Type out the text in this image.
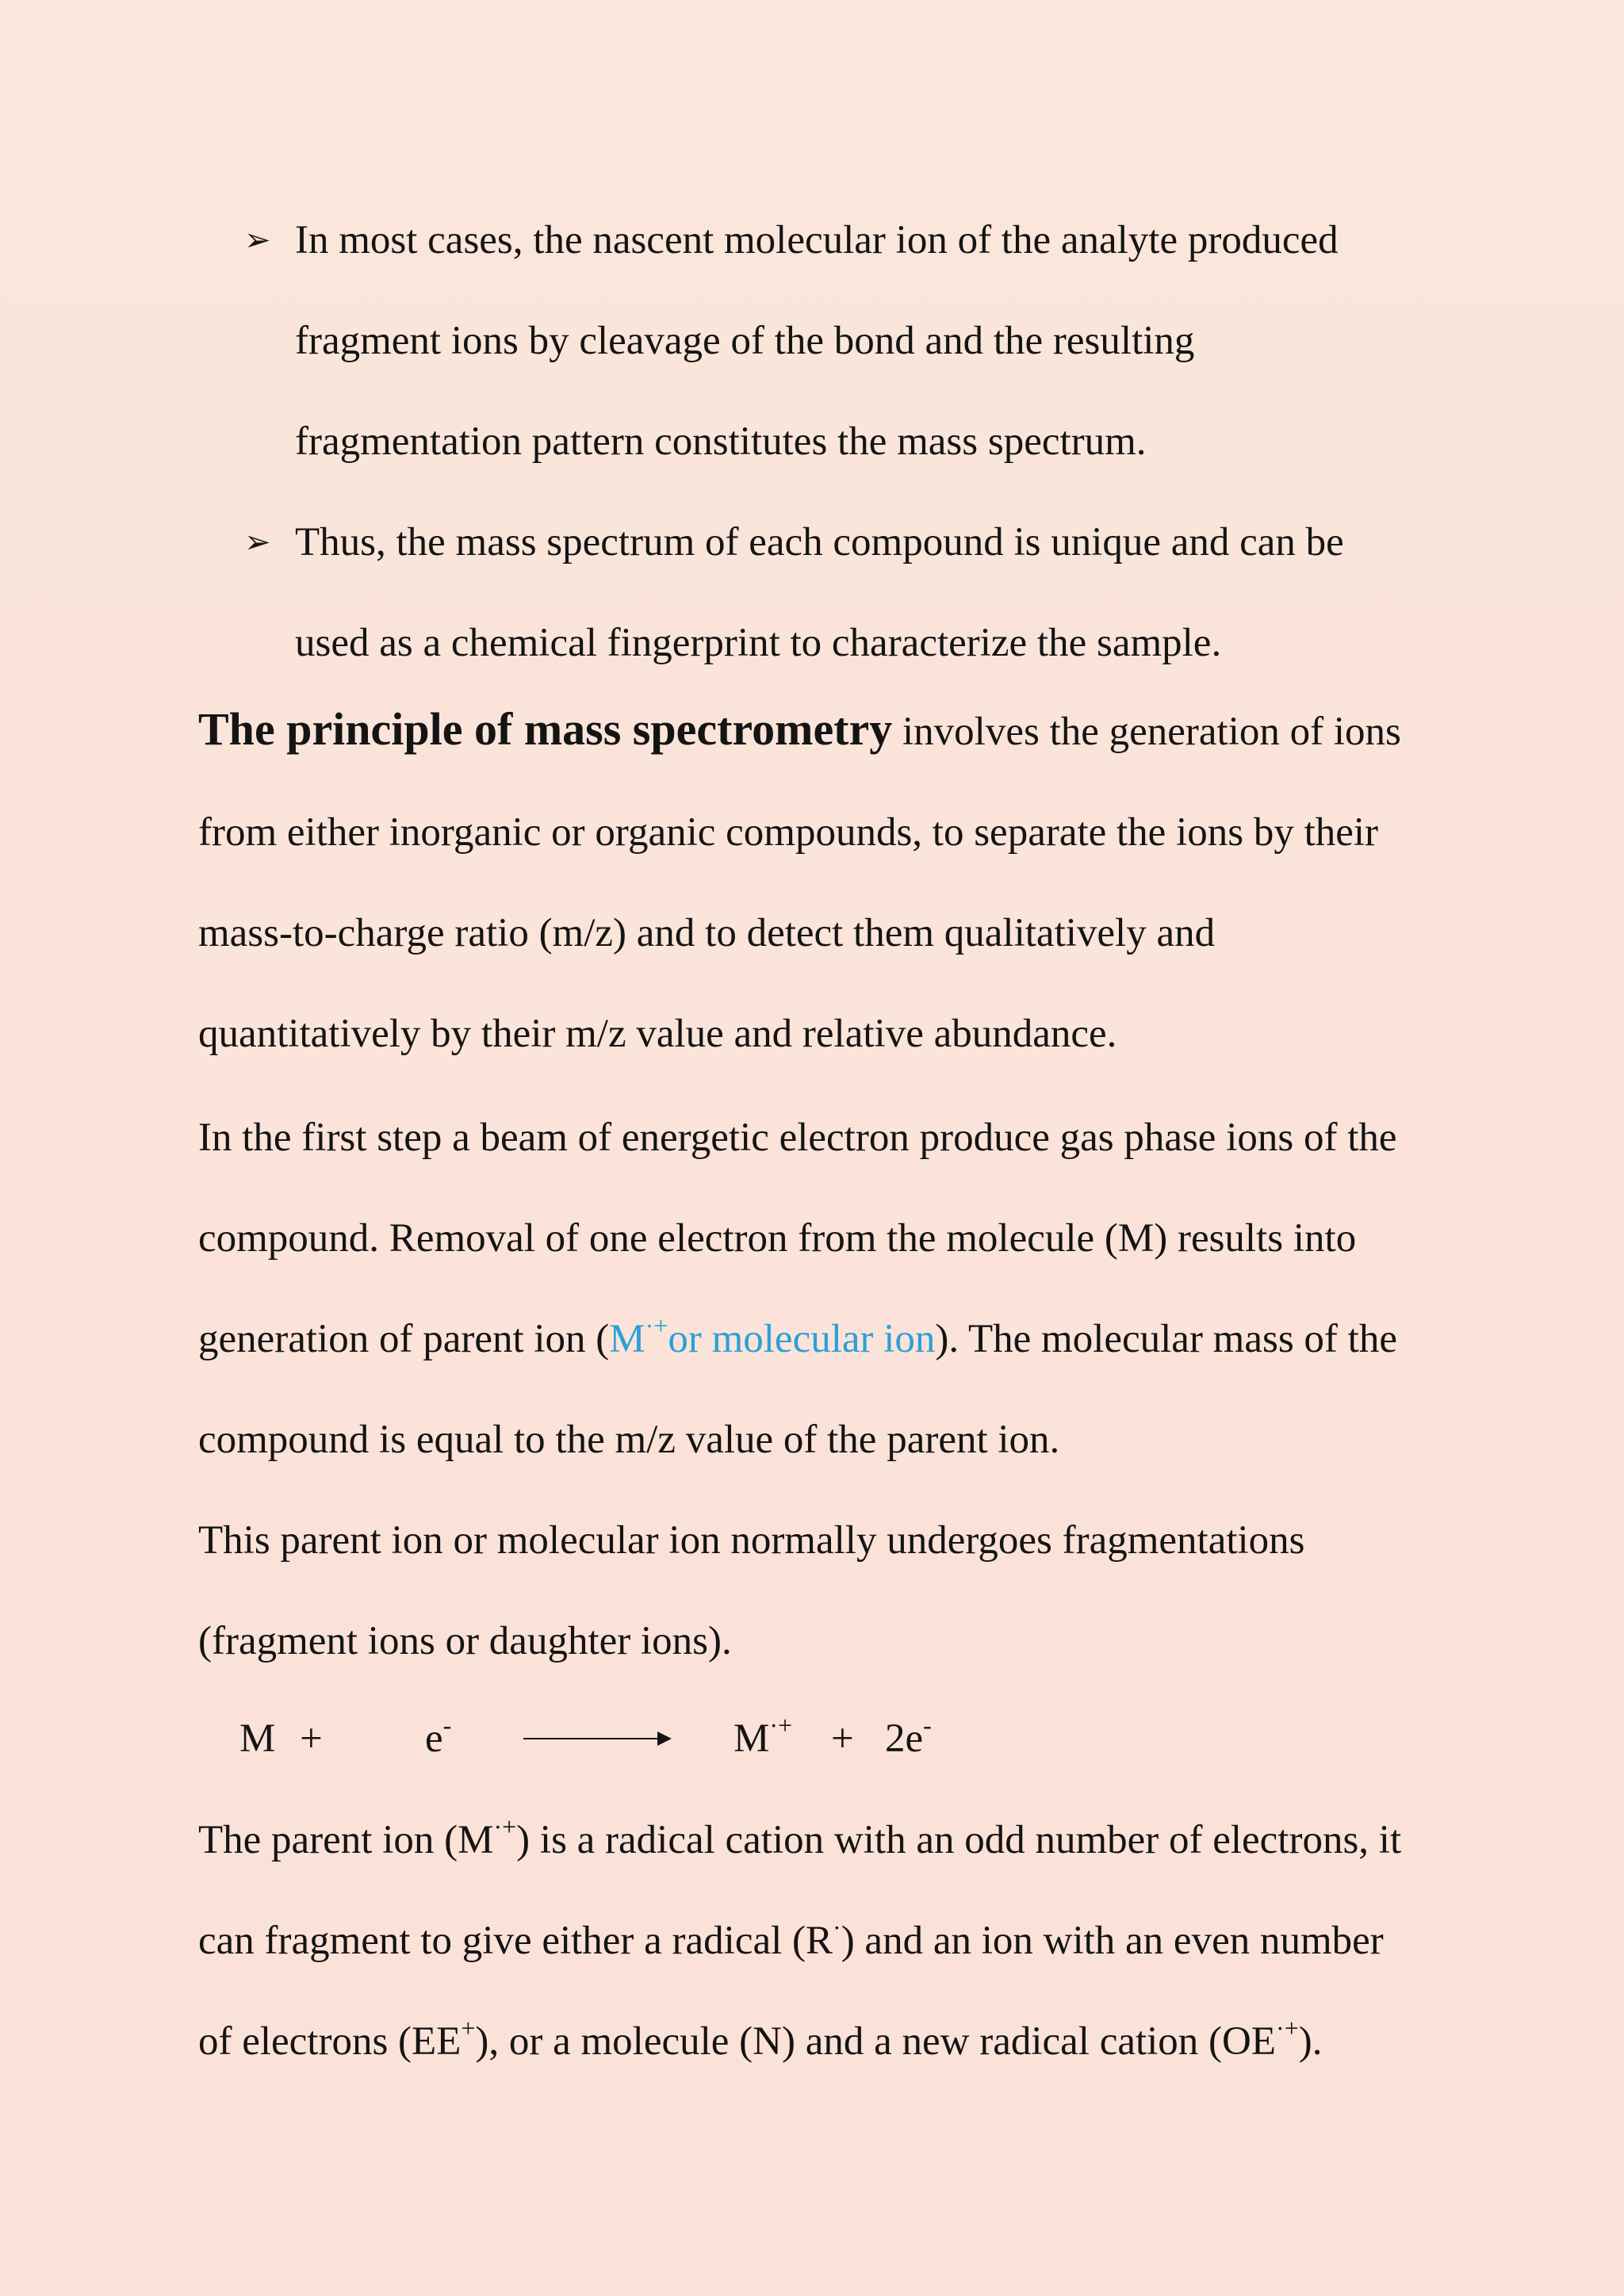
➢ In most cases, the nascent molecular ion of the analyte produced
fragment ions by cleavage of the bond and the resulting
fragmentation pattern constitutes the mass spectrum.
➢ Thus, the mass spectrum of each compound is unique and can be
used as a chemical fingerprint to characterize the sample.
The principle of mass spectrometry involves the generation of ions
from either inorganic or organic compounds, to separate the ions by their
mass-to-charge ratio (m/z) and to detect them qualitatively and
quantitatively by their m/z value and relative abundance.
In the first step a beam of energetic electron produce gas phase ions of the
compound. Removal of one electron from the molecule (M) results into
generation of parent ion (M·+or molecular ion). The molecular mass of the
compound is equal to the m/z value of the parent ion.
This parent ion or molecular ion normally undergoes fragmentations
(fragment ions or daughter ions).
M +	e-	M·+ + 2e-
The parent ion (M·+) is a radical cation with an odd number of electrons, it
can fragment to give either a radical (R·) and an ion with an even number
of electrons (EE+), or a molecule (N) and a new radical cation (OE·+).
